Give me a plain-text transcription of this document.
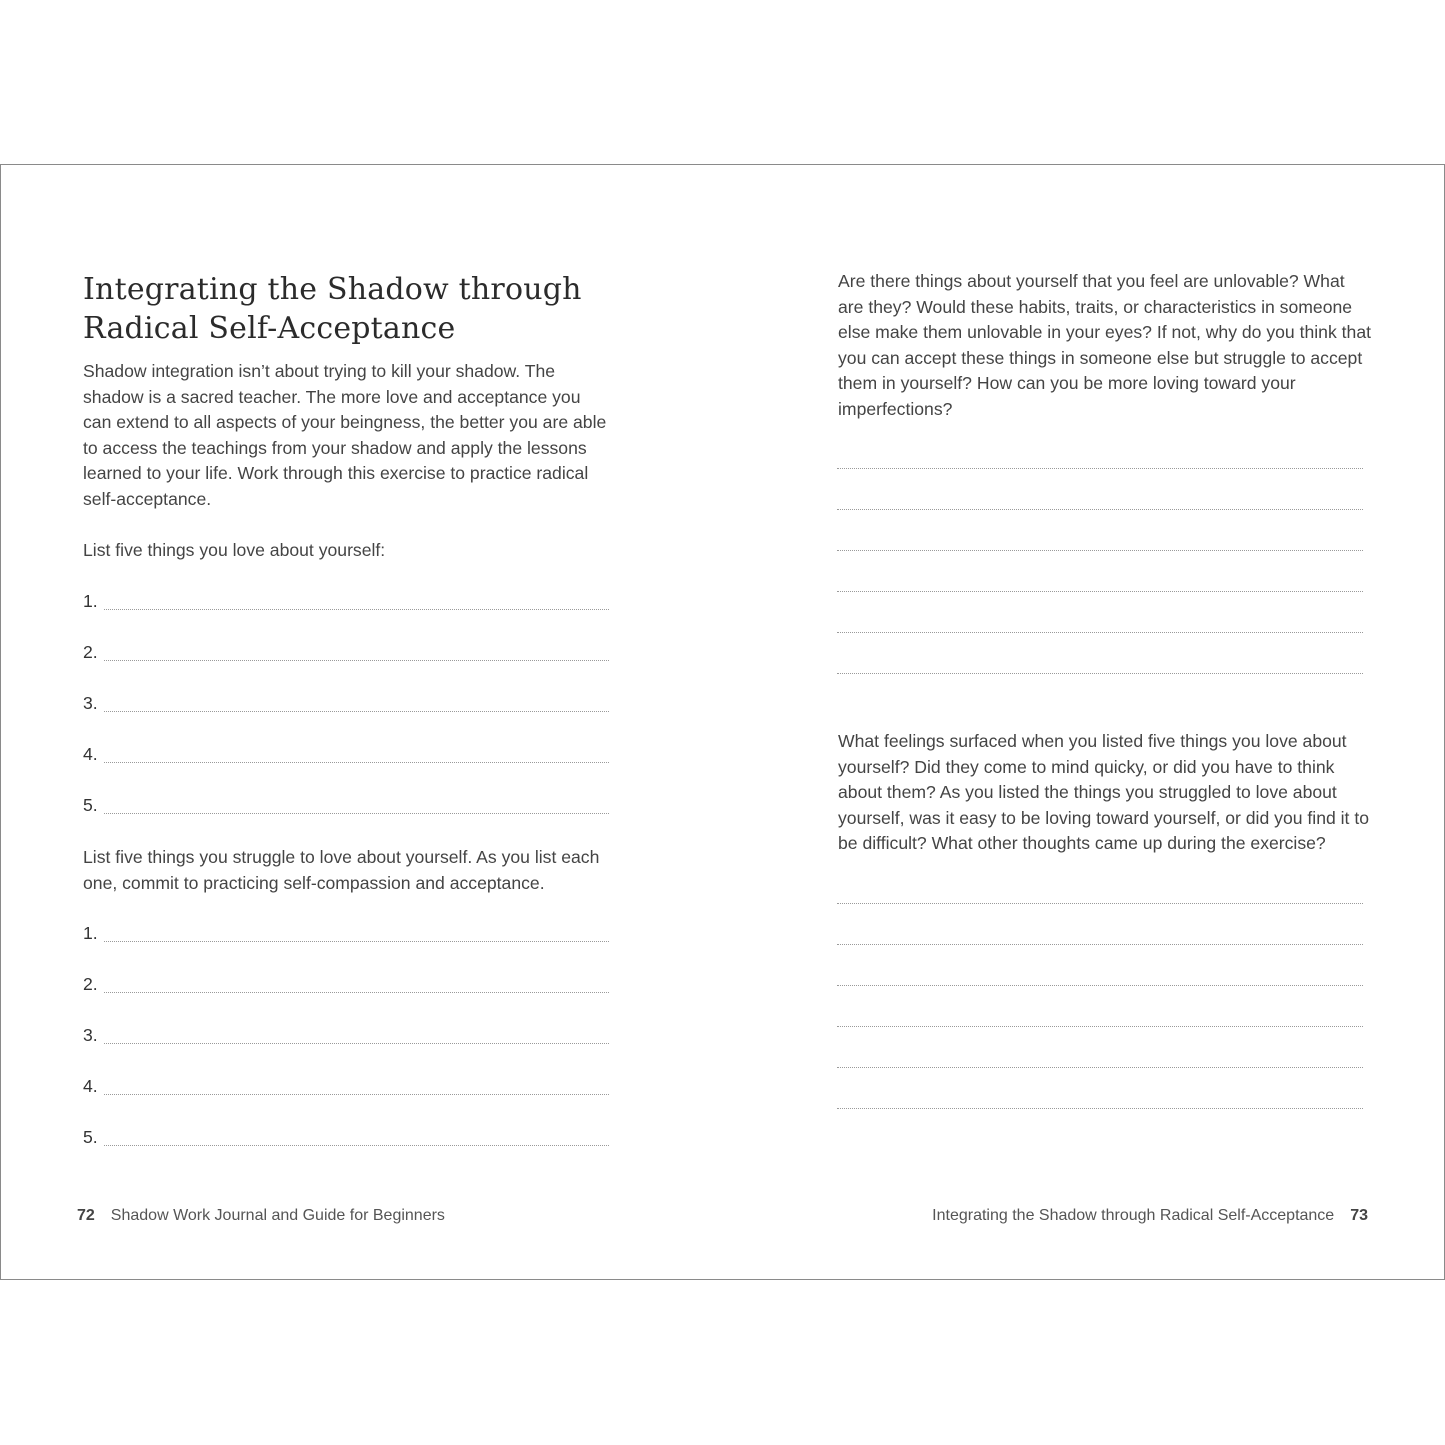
Integrating the Shadow through Radical Self-Acceptance

Shadow integration isn’t about trying to kill your shadow. The shadow is a sacred teacher. The more love and acceptance you can extend to all aspects of your beingness, the better you are able to access the teachings from your shadow and apply the lessons learned to your life. Work through this exercise to practice radical self-acceptance.

List five things you love about yourself:

1.
2.
3.
4.
5.

List five things you struggle to love about yourself. As you list each one, commit to practicing self-compassion and acceptance.

1.
2.
3.
4.
5.
72 Shadow Work Journal and Guide for Beginners

Are there things about yourself that you feel are unlovable? What are they? Would these habits, traits, or characteristics in someone else make them unlovable in your eyes? If not, why do you think that you can accept these things in someone else but struggle to accept them in yourself? How can you be more loving toward your imperfections?

What feelings surfaced when you listed five things you love about yourself? Did they come to mind quicky, or did you have to think about them? As you listed the things you struggled to love about yourself, was it easy to be loving toward yourself, or did you find it to be difficult? What other thoughts came up during the exercise?

Integrating the Shadow through Radical Self-Acceptance 73
